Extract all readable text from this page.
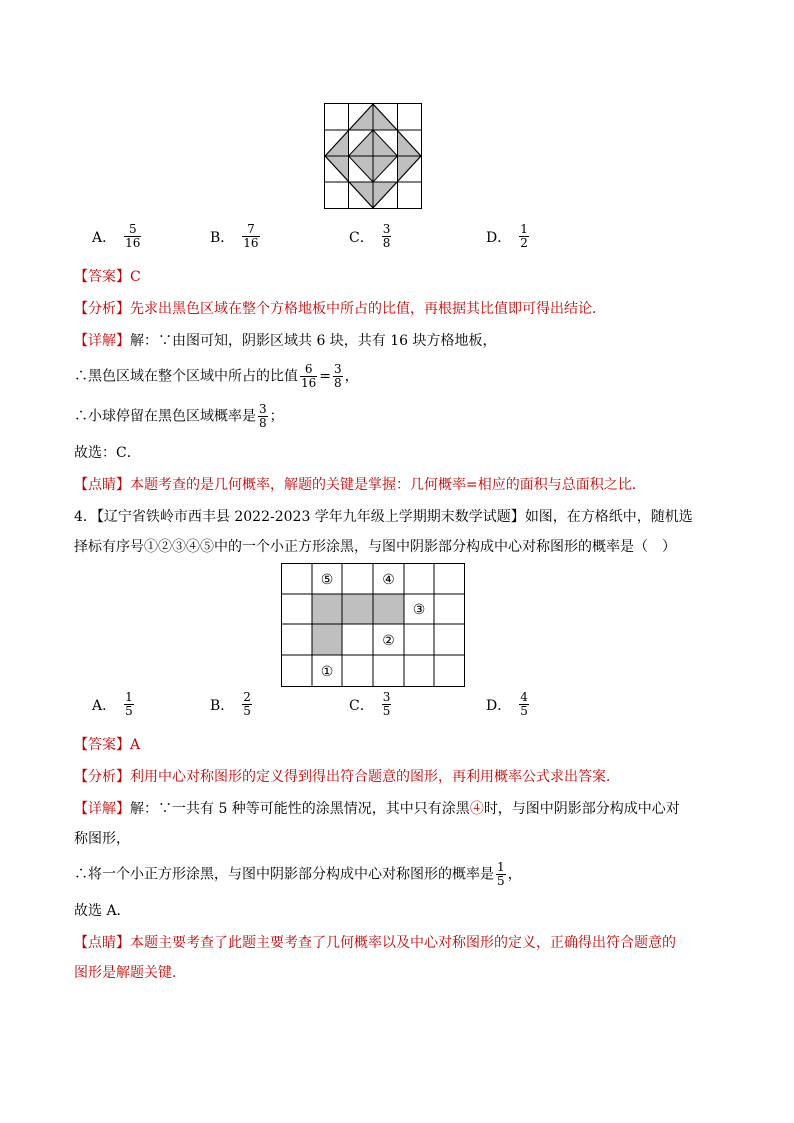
A． $\frac{5}{16}$	B． $\frac{7}{16}$	C． $\frac{3}{8}$	D． $\frac{1}{2}$
【答案】C
【分析】先求出黑色区域在整个方格地板中所占的比值，再根据其比值即可得出结论．
【详解】解：∵由图可知，阴影区域共 6 块，共有 16 块方格地板，
∴黑色区域在整个区域中所占的比值 $\frac{6}{16} = \frac{3}{8}$ ，
∴小球停留在黑色区域概率是 $\frac{3}{8}$ ；
故选：C．
【点睛】本题考查的是几何概率，解题的关键是掌握：几何概率=相应的面积与总面积之比．
4．【辽宁省铁岭市西丰县 2022-2023 学年九年级上学期期末数学试题】如图，在方格纸中，随机选
择标有序号①②③④⑤中的一个小正方形涂黑，与图中阴影部分构成中心对称图形的概率是（　）
⑤	④
③
②
①
A． $\frac{1}{5}$	B． $\frac{2}{5}$	C． $\frac{3}{5}$	D． $\frac{4}{5}$
【答案】A
【分析】利用中心对称图形的定义得到得出符合题意的图形，再利用概率公式求出答案．
【详解】解：∵一共有 5 种等可能性的涂黑情况，其中只有涂黑④时，与图中阴影部分构成中心对
称图形，
∴将一个小正方形涂黑，与图中阴影部分构成中心对称图形的概率是 $\frac{1}{5}$ ，
故选 A．
【点睛】本题主要考查了此题主要考查了几何概率以及中心对称图形的定义，正确得出符合题意的
图形是解题关键．
